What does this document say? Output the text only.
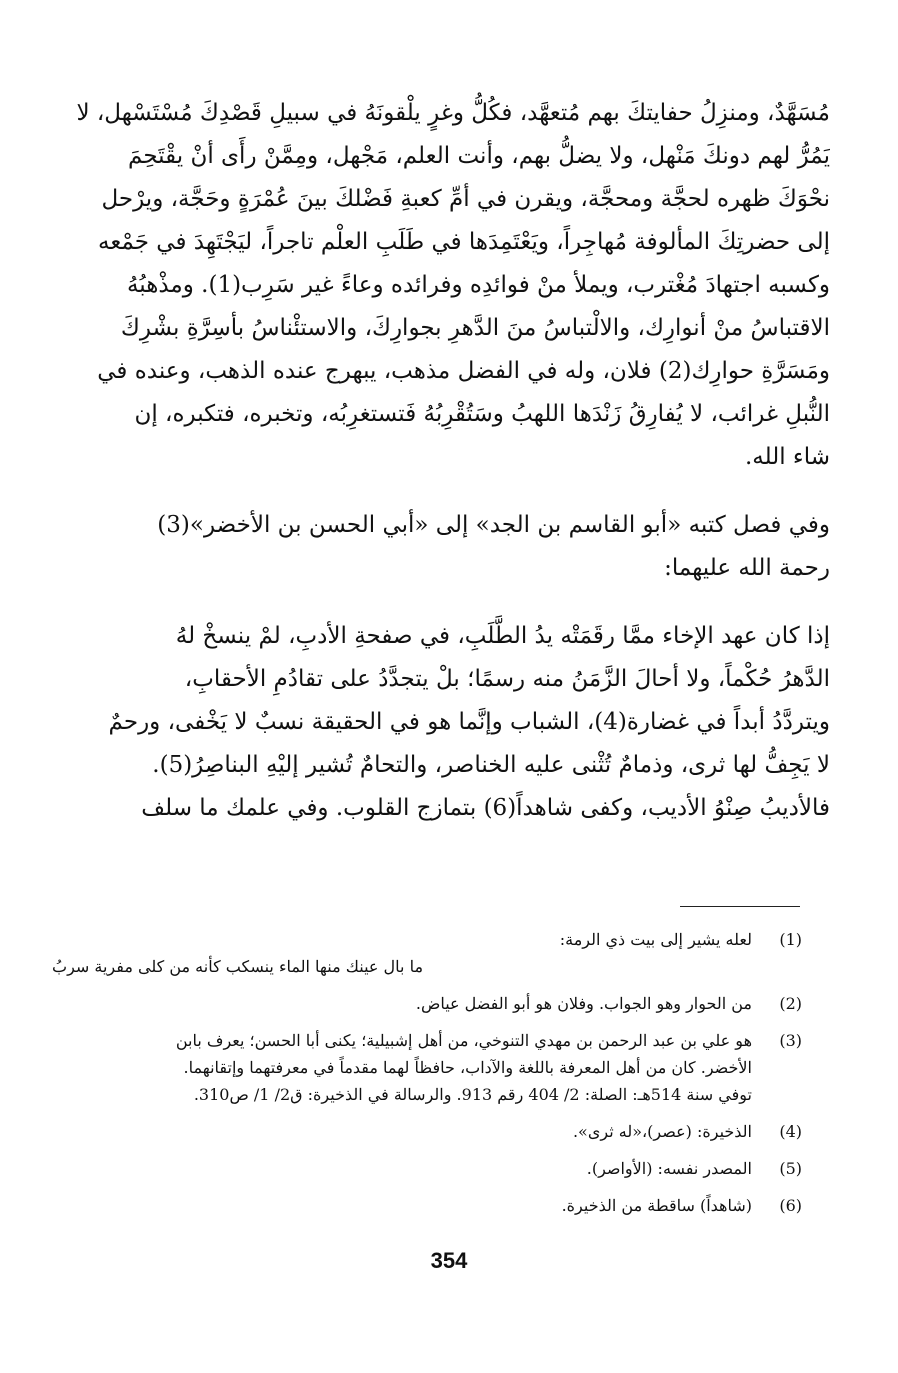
مُسَهَّدٌ، ومنزِلُ حفايتكَ بهم مُتعهَّد، فكُلُّ وغرٍ يلْقونَهُ في سبيلِ قَصْدِكَ مُسْتَسْهل، لا
يَمُرُّ لهم دونكَ مَنْهل، ولا يضلُّ بهم، وأنت العلم، مَجْهل، ومِمَّنْ رأَى أنْ يقْتَحِمَ
نحْوَكَ ظهره لحجَّة ومحجَّة، ويقرن في أمِّ كعبةِ فَضْلكَ بينَ عُمْرَةٍ وحَجَّة، ويرْحل
إلى حضرتِكَ المألوفة مُهاجِراً، ويَعْتَمِدَها في طَلَبِ العلْم تاجراً، ليَجْتَهِدَ في جَمْعه
وكسبه اجتهادَ مُغْترب، ويملأ منْ فوائدِه وفرائده وعاءً غير سَرِب(1). ومذْهبُهُ
الاقتباسُ منْ أنوارِك، والالْتباسُ منَ الدَّهرِ بجوارِكَ، والاستئْناسُ بأسِرَّةِ بشْرِكَ
ومَسَرَّةِ حوارِك(2) فلان، وله في الفضل مذهب، يبهرج عنده الذهب، وعنده في
النُّبلِ غرائب، لا يُفارِقُ زَنْدَها اللهبُ وسَتُقْرِبُهُ فَتستغرِبُه، وتخبره، فتكبره، إن
شاء الله.
وفي فصل كتبه «أبو القاسم بن الجد» إلى «أبي الحسن بن الأخضر»(3)
رحمة الله عليهما:
إذا كان عهد الإخاء ممَّا رقَمَتْه يدُ الطَّلَبِ، في صفحةِ الأدبِ، لمْ ينسخْ لهُ
الدَّهرُ حُكْماً، ولا أحالَ الزَّمَنُ منه رسمًا؛ بلْ يتجدَّدُ على تقادُمِ الأحقابِ،
ويتردَّدُ أبداً في غضارة(4)، الشباب وإنَّما هو في الحقيقة نسبٌ لا يَخْفى، ورحمٌ
لا يَجِفُّ لها ثرى، وذمامٌ تُثْنى عليه الخناصر، والتحامٌ تُشير إليْهِ البناصِرُ(5).
فالأديبُ صِنْوُ الأديب، وكفى شاهداً(6) بتمازج القلوب. وفي علمك ما سلف
(1)
لعله يشير إلى بيت ذي الرمة:
ما بال عينك منها الماء ينسكب كأنه من كلى مفرية سربُ
(2)
من الحوار وهو الجواب. وفلان هو أبو الفضل عياض.
(3)
هو علي بن عبد الرحمن بن مهدي التنوخي، من أهل إشبيلية؛ يكنى أبا الحسن؛ يعرف بابن
الأخضر. كان من أهل المعرفة باللغة والآداب، حافظاً لهما مقدماً في معرفتهما وإتقانهما.
توفي سنة 514هـ: الصلة: 2/ 404 رقم 913. والرسالة في الذخيرة: ق2/ 1/ ص310.
(4)
الذخيرة: (عصر)،«له ثرى».
(5)
المصدر نفسه: (الأواصر).
(6)
(شاهداً) ساقطة من الذخيرة.
354
